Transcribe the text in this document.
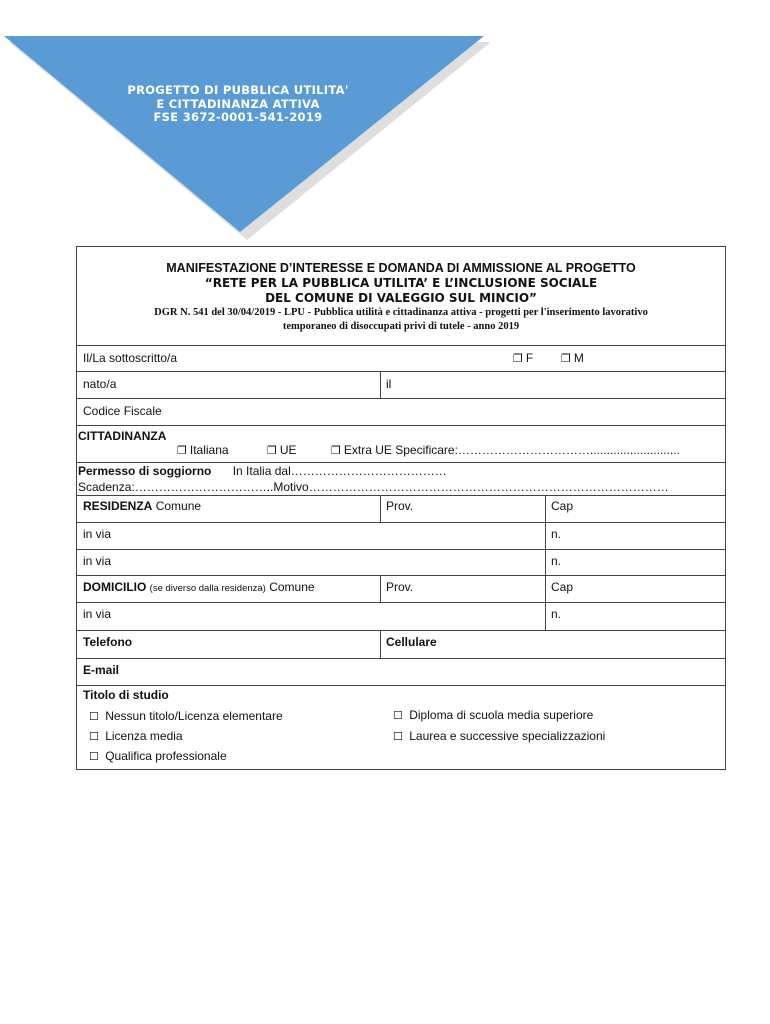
PROGETTO DI PUBBLICA UTILITA'
E CITTADINANZA ATTIVA
FSE 3672-0001-541-2019
MANIFESTAZIONE D’INTERESSE E DOMANDA DI AMMISSIONE AL PROGETTO
“RETE PER LA PUBBLICA UTILITA’ E L’INCLUSIONE SOCIALE
DEL COMUNE DI VALEGGIO SUL MINCIO”
DGR N. 541 del 30/04/2019 - LPU - Pubblica utilità e cittadinanza attiva - progetti per l'inserimento lavorativo
temporaneo di disoccupati privi di tutele - anno 2019
Il/La sottoscritto/a	❒ F	❒ M
nato/a	il
Codice Fiscale
CITTADINANZA
❒ Italiana	❒ UE	❒ Extra UE Specificare:……………………………...........................
Permesso di soggiorno In Italia dal…………………………………
Scadenza:……………………………..Motivo………………………………………………………………………………
RESIDENZA Comune	Prov.	Cap
in via	n.
in via	n.
DOMICILIO (se diverso dalla residenza) Comune	Prov.	Cap
in via	n.
Telefono	Cellulare
E-mail
Titolo di studio
☐ Nessun titolo/Licenza elementare
☐ Licenza media
☐ Qualifica professionale
☐ Diploma di scuola media superiore
☐ Laurea e successive specializzazioni
